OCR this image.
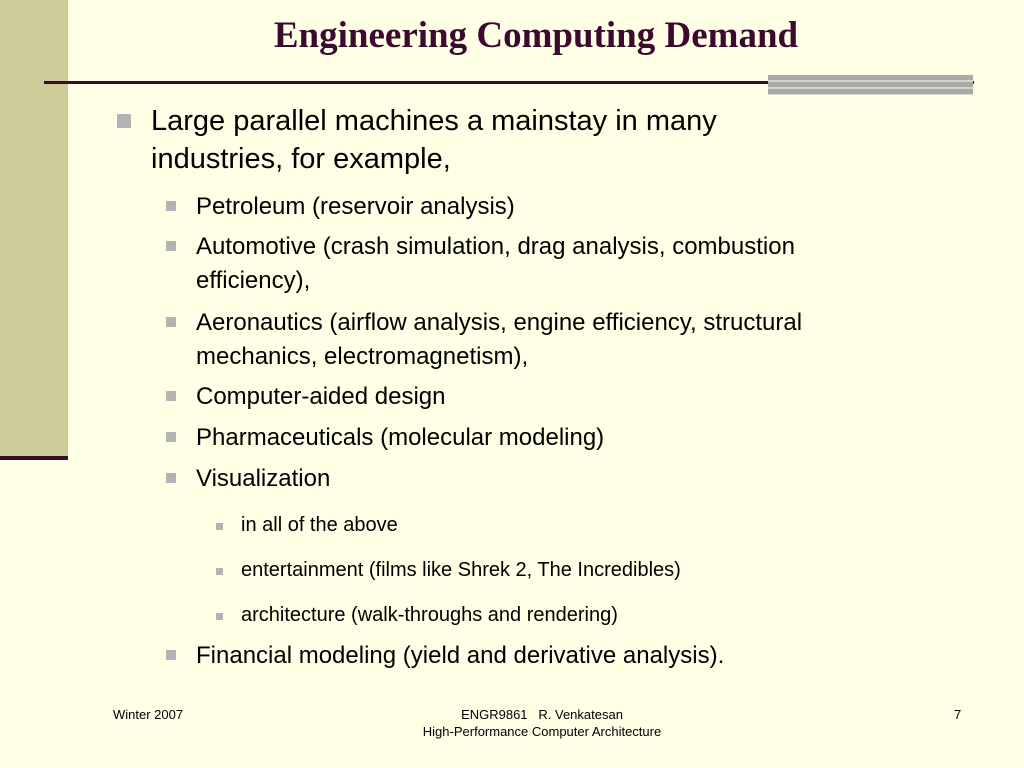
Engineering Computing Demand
Large parallel machines a mainstay in many
industries, for example,
Petroleum (reservoir analysis)
Automotive (crash simulation, drag analysis, combustion
efficiency),
Aeronautics (airflow analysis, engine efficiency, structural
mechanics, electromagnetism),
Computer-aided design
Pharmaceuticals (molecular modeling)
Visualization
in all of the above
entertainment (films like Shrek 2, The Incredibles)
architecture (walk-throughs and rendering)
Financial modeling (yield and derivative analysis).
Winter 2007	ENGR9861   R. Venkatesan
High-Performance Computer Architecture
7
